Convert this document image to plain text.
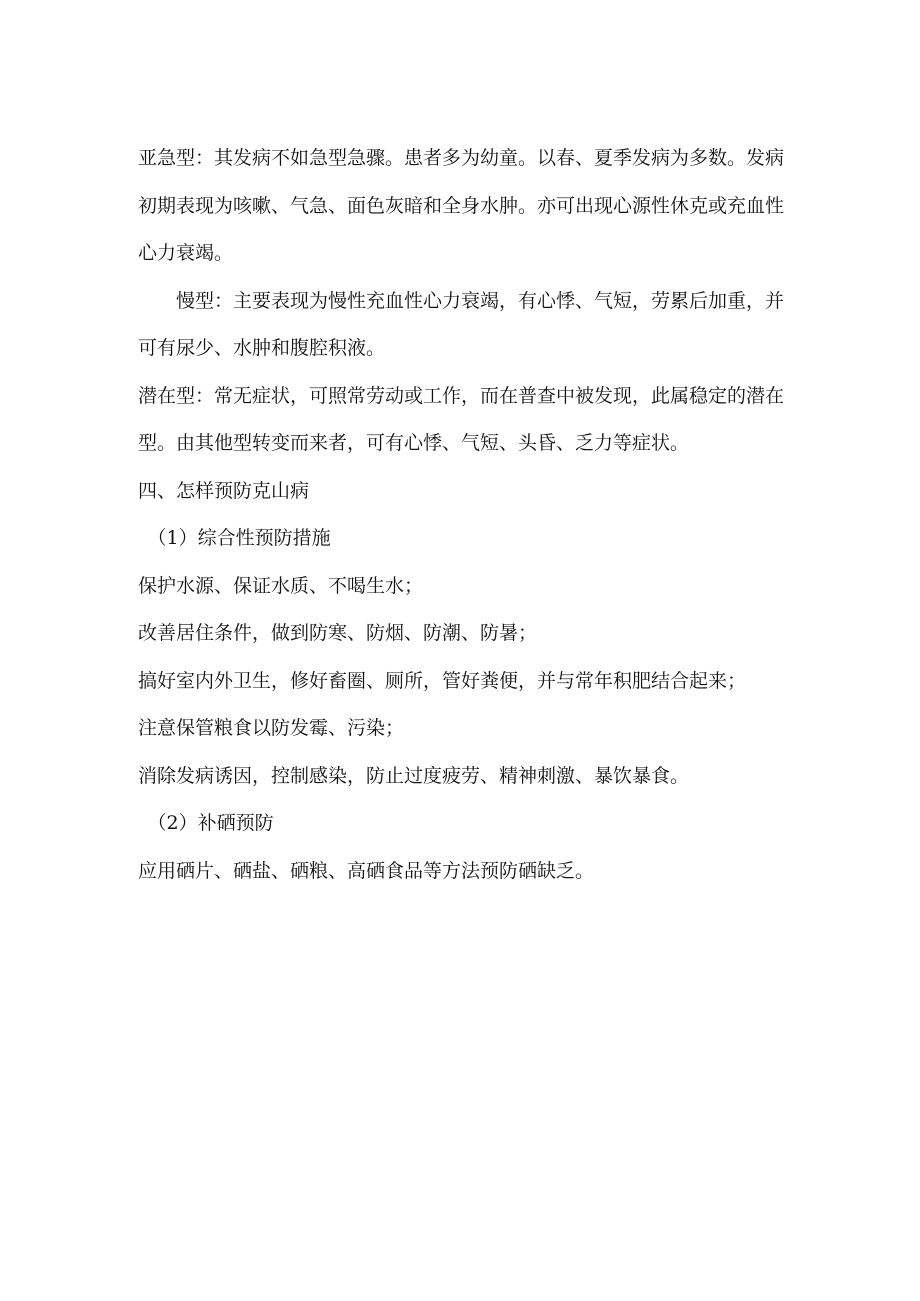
亚急型：其发病不如急型急骤。患者多为幼童。以春、夏季发病为多数。发病初期表现为咳嗽、气急、面色灰暗和全身水肿。亦可出现心源性休克或充血性心力衰竭。

慢型：主要表现为慢性充血性心力衰竭，有心悸、气短，劳累后加重，并可有尿少、水肿和腹腔积液。

潜在型：常无症状，可照常劳动或工作，而在普查中被发现，此属稳定的潜在型。由其他型转变而来者，可有心悸、气短、头昏、乏力等症状。

四、怎样预防克山病

（1）综合性预防措施

保护水源、保证水质、不喝生水；

改善居住条件，做到防寒、防烟、防潮、防暑；

搞好室内外卫生，修好畜圈、厕所，管好粪便，并与常年积肥结合起来；

注意保管粮食以防发霉、污染；

消除发病诱因，控制感染，防止过度疲劳、精神刺激、暴饮暴食。

（2）补硒预防

应用硒片、硒盐、硒粮、高硒食品等方法预防硒缺乏。
